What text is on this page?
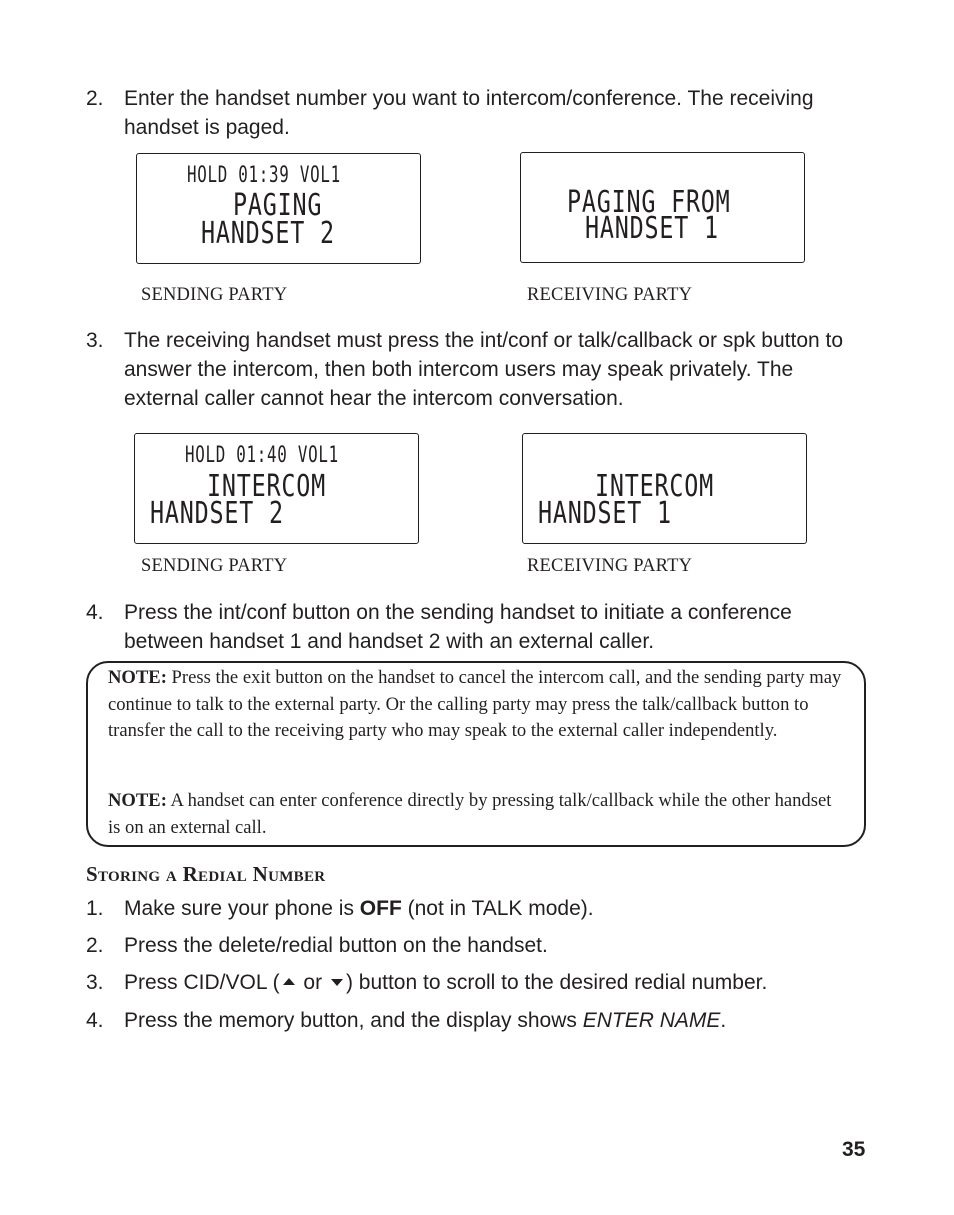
2. Enter the handset number you want to intercom/conference. The receiving handset is paged.
HOLD 01:39 VOL1
PAGING
HANDSET 2
SENDING PARTY
PAGING FROM
HANDSET 1
RECEIVING PARTY
3. The receiving handset must press the int/conf or talk/callback or spk button to answer the intercom, then both intercom users may speak privately. The external caller cannot hear the intercom conversation.
HOLD 01:40 VOL1
INTERCOM
HANDSET 2
SENDING PARTY
INTERCOM
HANDSET 1
RECEIVING PARTY
4. Press the int/conf button on the sending handset to initiate a conference between handset 1 and handset 2 with an external caller.
NOTE: Press the exit button on the handset to cancel the intercom call, and the sending party may continue to talk to the external party. Or the calling party may press the talk/callback button to transfer the call to the receiving party who may speak to the external caller independently.
NOTE: A handset can enter conference directly by pressing talk/callback while the other handset is on an external call.
Storing a Redial Number
1. Make sure your phone is OFF (not in TALK mode).
2. Press the delete/redial button on the handset.
3. Press CID/VOL ( or ) button to scroll to the desired redial number.
4. Press the memory button, and the display shows ENTER NAME.
35
